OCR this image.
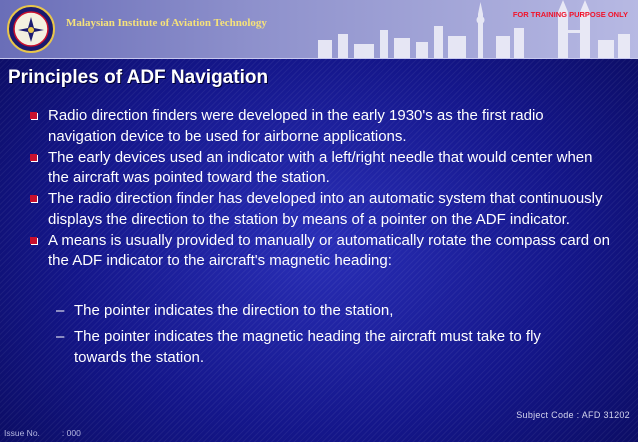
Malaysian Institute of Aviation Technology
FOR TRAINING PURPOSE ONLY
Principles of ADF Navigation
Radio direction finders were developed in the early 1930's as the first radio navigation device to be used for airborne applications.
The early devices used an indicator with a left/right needle that would center when the aircraft was pointed toward the station.
The radio direction finder has developed into an automatic system that continuously displays the direction to the station by means of a pointer on the ADF indicator.
A means is usually provided to manually or automatically rotate the compass card on the ADF indicator to the aircraft's magnetic heading:
– The pointer indicates the direction to the station,
– The pointer indicates the magnetic heading the aircraft must take to fly towards the station.
Subject Code : AFD 31202
Issue No.	: 000
